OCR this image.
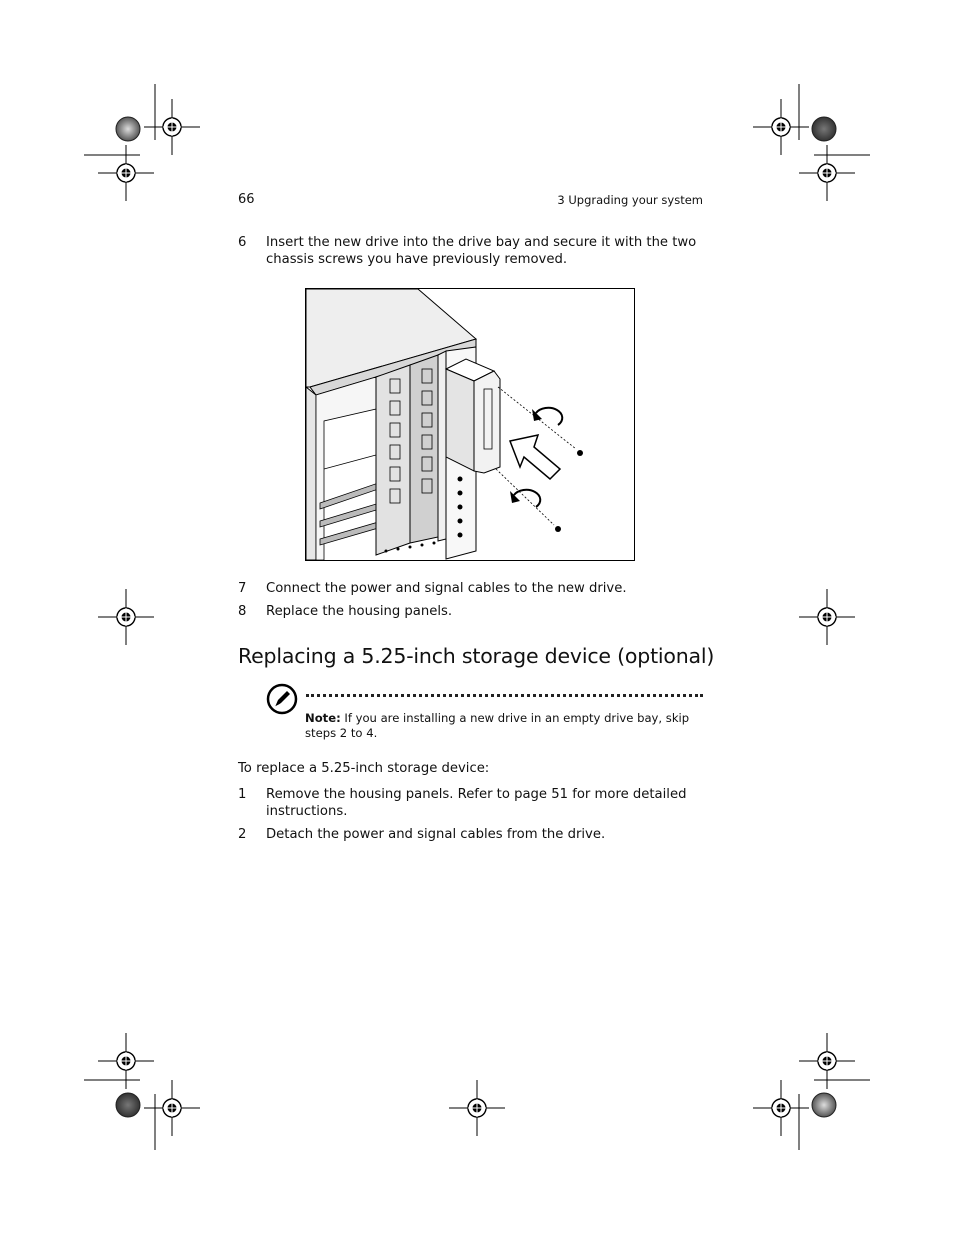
66	3 Upgrading your system
6 Insert the new drive into the drive bay and secure it with the two chassis screws you have previously removed.
7 Connect the power and signal cables to the new drive.
8 Replace the housing panels.
Replacing a 5.25-inch storage device (optional)
Note: If you are installing a new drive in an empty drive bay, skip steps 2 to 4.
To replace a 5.25-inch storage device:
1 Remove the housing panels. Refer to page 51 for more detailed instructions.
2 Detach the power and signal cables from the drive.
